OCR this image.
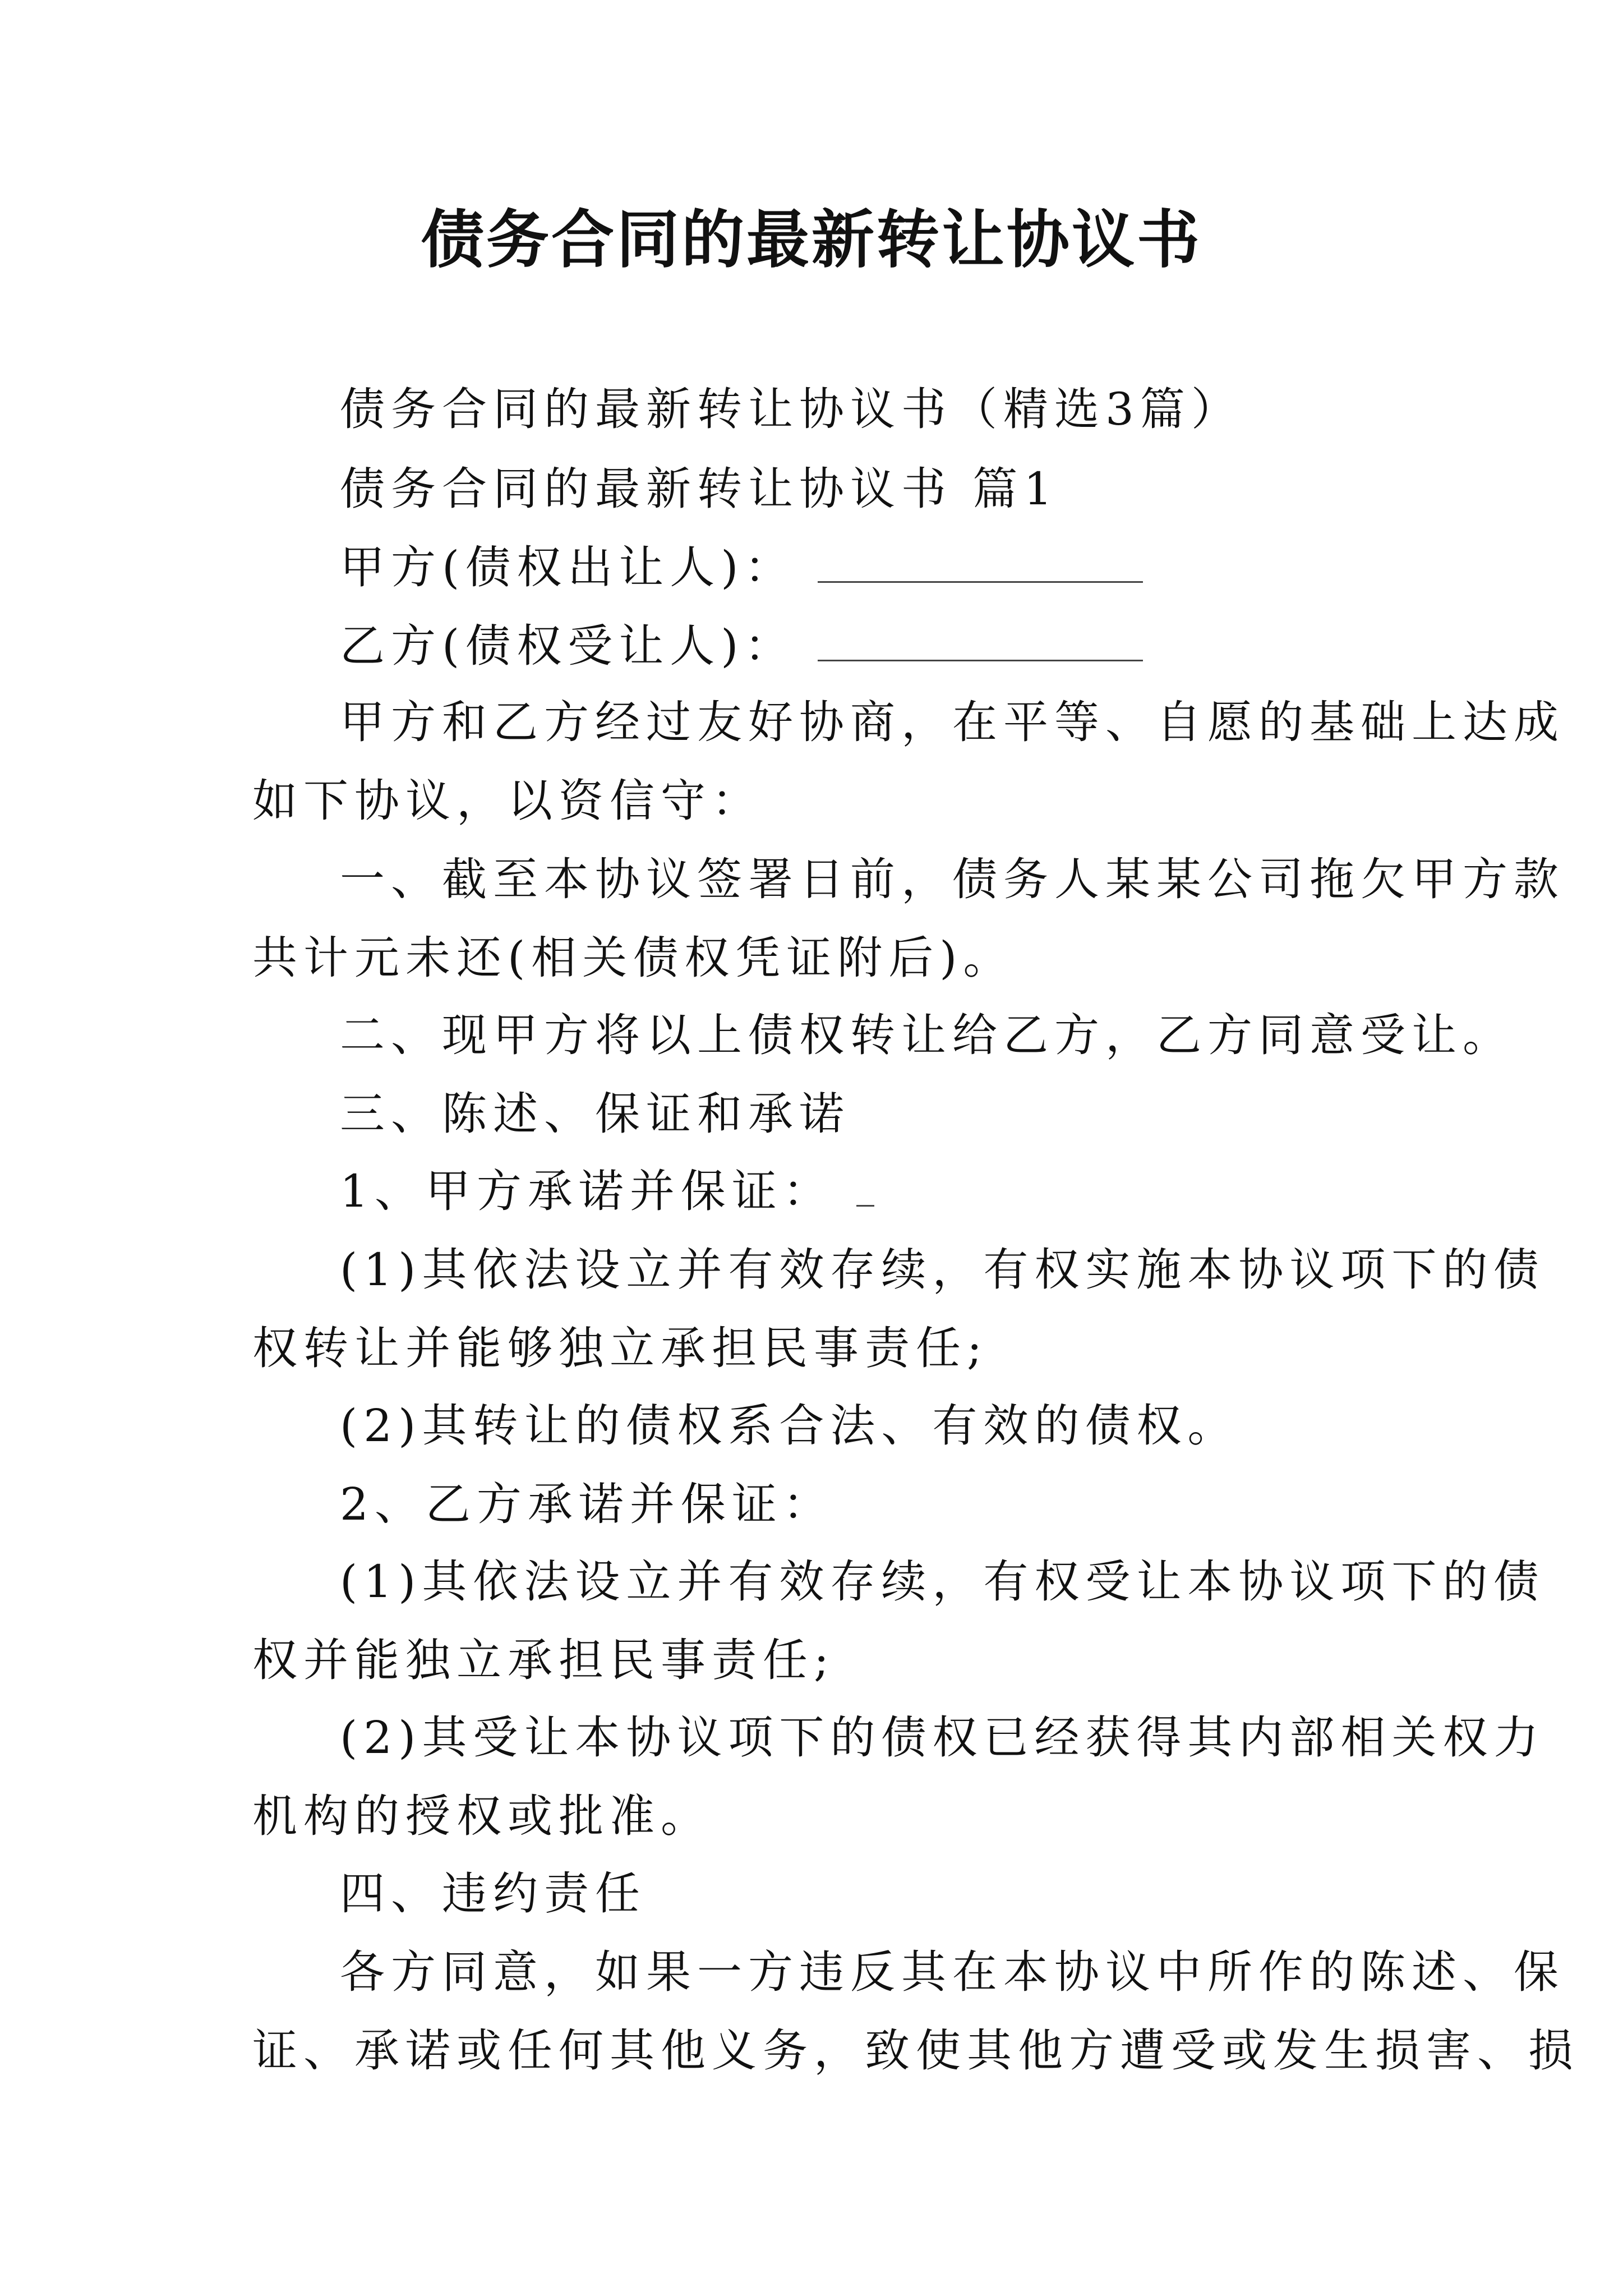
债务合同的最新转让协议书
债务合同的最新转让协议书（精选3篇）
债务合同的最新转让协议书 篇1
甲方(债权出让人)：
乙方(债权受让人)：
甲方和乙方经过友好协商，在平等、自愿的基础上达成
如下协议，以资信守：
一、截至本协议签署日前，债务人某某公司拖欠甲方款
共计元未还(相关债权凭证附后)。
二、现甲方将以上债权转让给乙方，乙方同意受让。
三、陈述、保证和承诺
1、甲方承诺并保证：
(1)其依法设立并有效存续，有权实施本协议项下的债
权转让并能够独立承担民事责任;
(2)其转让的债权系合法、有效的债权。
2、乙方承诺并保证：
(1)其依法设立并有效存续，有权受让本协议项下的债
权并能独立承担民事责任;
(2)其受让本协议项下的债权已经获得其内部相关权力
机构的授权或批准。
四、违约责任
各方同意，如果一方违反其在本协议中所作的陈述、保
证、承诺或任何其他义务，致使其他方遭受或发生损害、损
